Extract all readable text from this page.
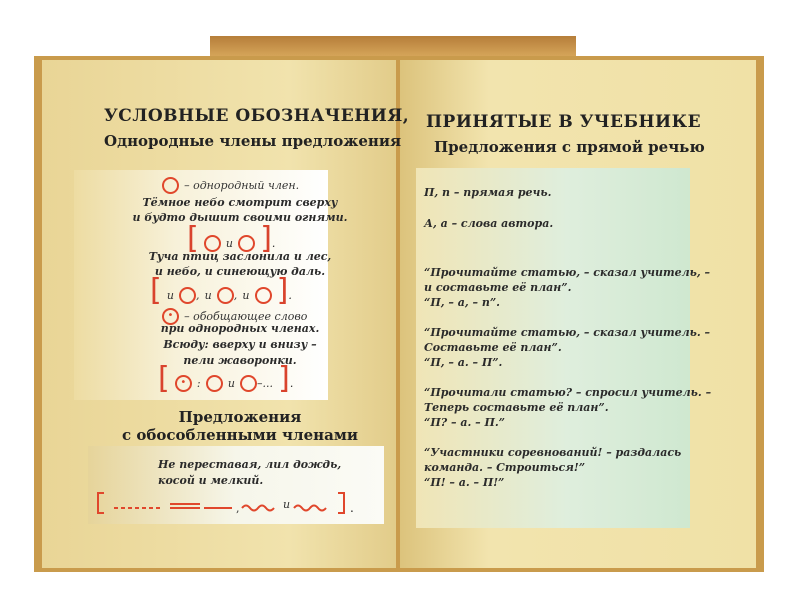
УСЛОВНЫЕ ОБОЗНАЧЕНИЯ,
Однородные члены предложения
– однородный член.
Тёмное небо смотрит сверху
и будто дышит своими огнями.
[ и ].
Туча птиц заслонила и лес,
и небо, и синеющую даль.
[ и , и , и ].
• – обобщающее слово
при однородных членах.
Всюду: вверху и внизу –
пели жаворонки.
[ • : и –... ].
Предложения
с обособленными членами
Не переставая, лил дождь,
косой и мелкий.
,	и	.
ПРИНЯТЫЕ В УЧЕБНИКЕ
Предложения с прямой речью
П, п – прямая речь.
А, а – слова автора.
“Прочитайте статью, – сказал учитель, –
и составьте её план”.
“П, – а, – п”.
“Прочитайте статью, – сказал учитель. –
Составьте её план”.
“П, – а. – П”.
“Прочитали статью? – спросил учитель. –
Теперь составьте её план”.
“П? – а. – П.”
“Участники соревнований! – раздалась
команда. – Строиться!”
“П! – а. – П!”
